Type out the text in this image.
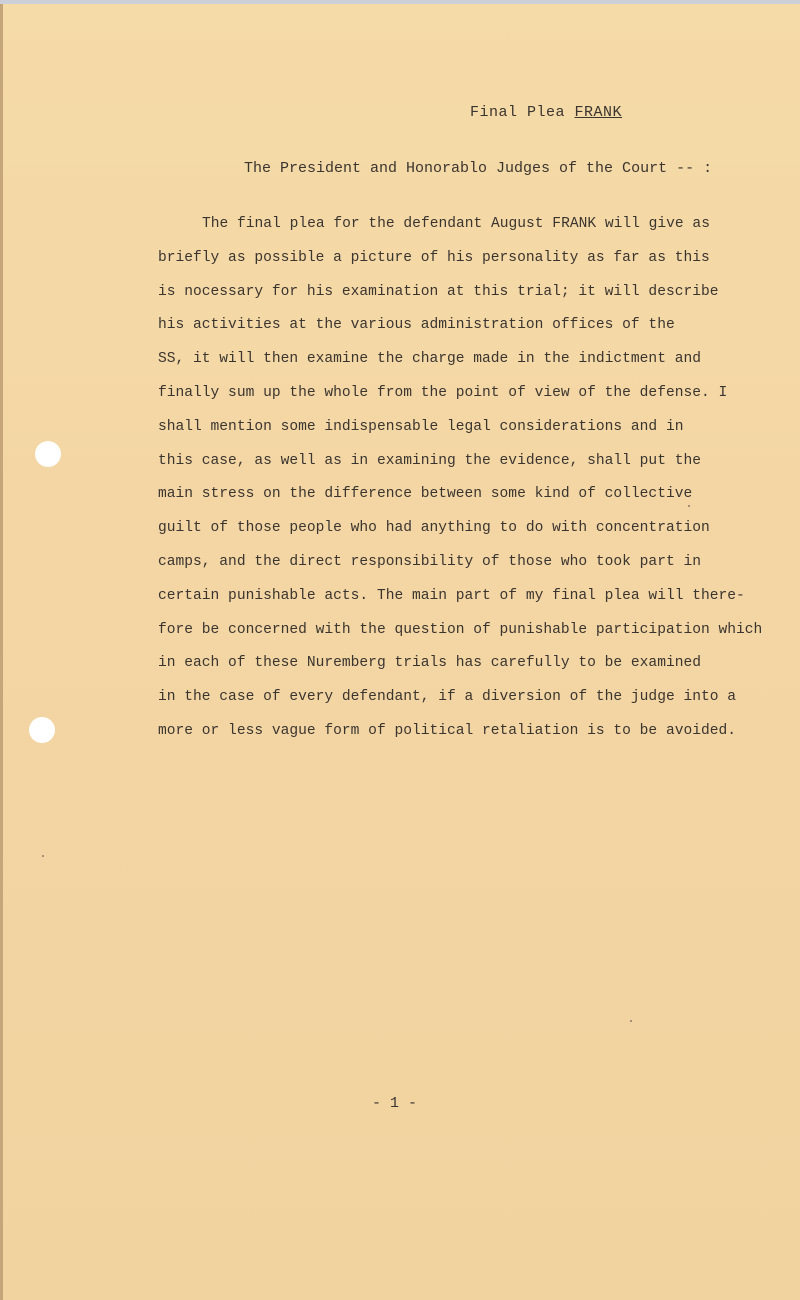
Final Plea FRANK
The President and Honorablo Judges of the Court -- :
The final plea for the defendant August FRANK will give as
briefly as possible a picture of his personality as far as this
is nocessary for his examination at this trial; it will describe
his activities at the various administration offices of the
SS, it will then examine the charge made in the indictment and
finally sum up the whole from the point of view of the defense. I
shall mention some indispensable legal considerations and in
this case, as well as in examining the evidence, shall put the
main stress on the difference between some kind of collective
guilt of those people who had anything to do with concentration
camps, and the direct responsibility of those who took part in
certain punishable acts. The main part of my final plea will there-
fore be concerned with the question of punishable participation which
in each of these Nuremberg trials has carefully to be examined
in the case of every defendant, if a diversion of the judge into a
more or less vague form of political retaliation is to be avoided.
- 1 -
